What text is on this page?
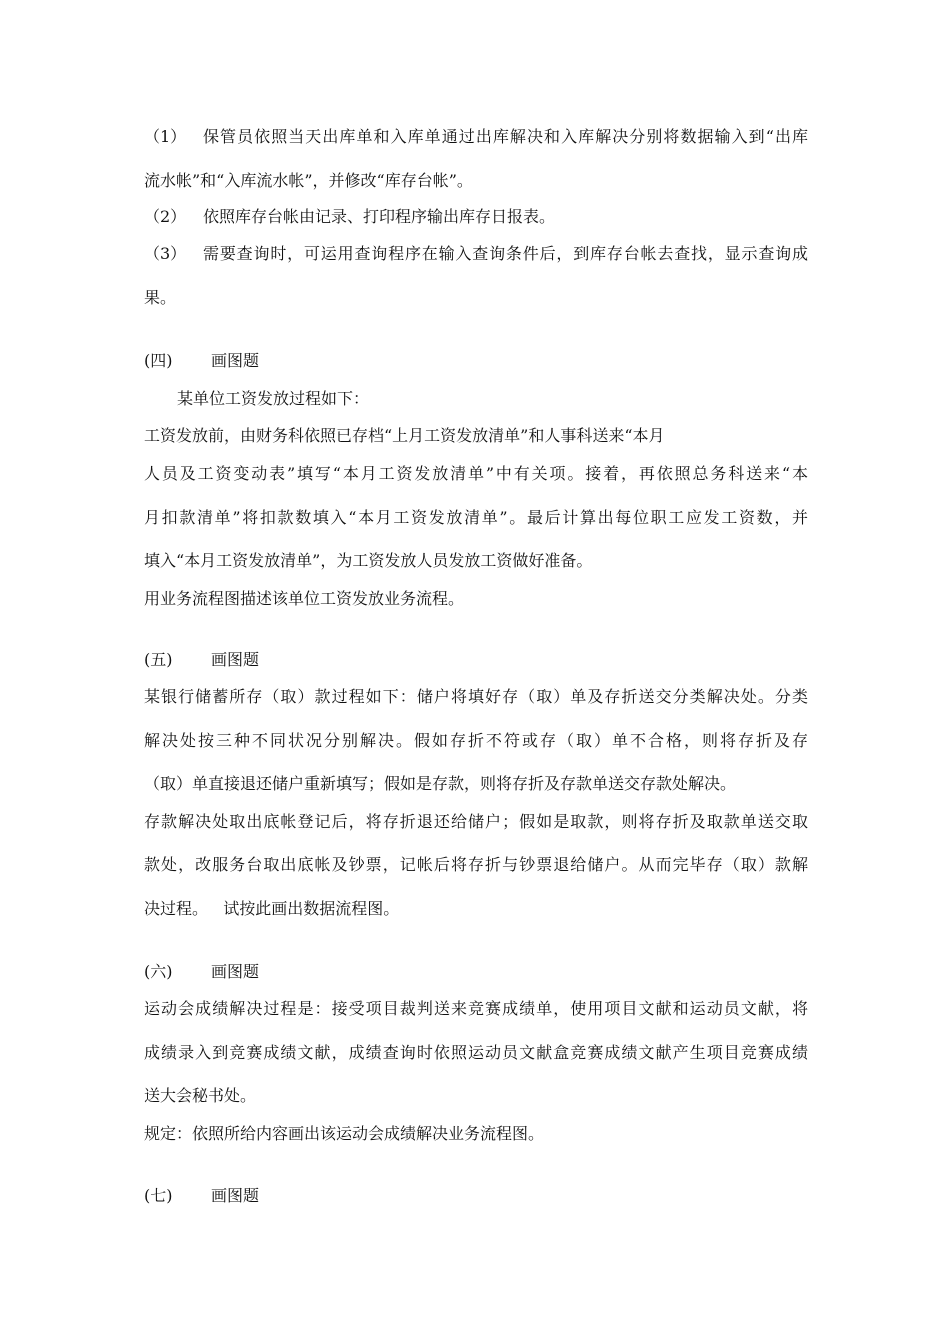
（1） 保管员依照当天出库单和入库单通过出库解决和入库解决分别将数据输入到“出库
流水帐”和“入库流水帐”，并修改“库存台帐”。
（2） 依照库存台帐由记录、打印程序输出库存日报表。
（3） 需要查询时，可运用查询程序在输入查询条件后，到库存台帐去查找，显示查询成
果。
(四) 画图题
某单位工资发放过程如下：
工资发放前，由财务科依照已存档“上月工资发放清单”和人事科送来“本月
人员及工资变动表”填写“本月工资发放清单”中有关项。接着，再依照总务科送来“本
月扣款清单”将扣款数填入“本月工资发放清单”。最后计算出每位职工应发工资数，并
填入“本月工资发放清单”，为工资发放人员发放工资做好准备。
用业务流程图描述该单位工资发放业务流程。
(五) 画图题
某银行储蓄所存（取）款过程如下：储户将填好存（取）单及存折送交分类解决处。分类
解决处按三种不同状况分别解决。假如存折不符或存（取）单不合格，则将存折及存
（取）单直接退还储户重新填写；假如是存款，则将存折及存款单送交存款处解决。
存款解决处取出底帐登记后，将存折退还给储户；假如是取款，则将存折及取款单送交取
款处，改服务台取出底帐及钞票，记帐后将存折与钞票退给储户。从而完毕存（取）款解
决过程。   试按此画出数据流程图。
(六) 画图题
运动会成绩解决过程是：接受项目裁判送来竞赛成绩单，使用项目文献和运动员文献，将
成绩录入到竞赛成绩文献，成绩查询时依照运动员文献盒竞赛成绩文献产生项目竞赛成绩
送大会秘书处。
规定：依照所给内容画出该运动会成绩解决业务流程图。
(七) 画图题
